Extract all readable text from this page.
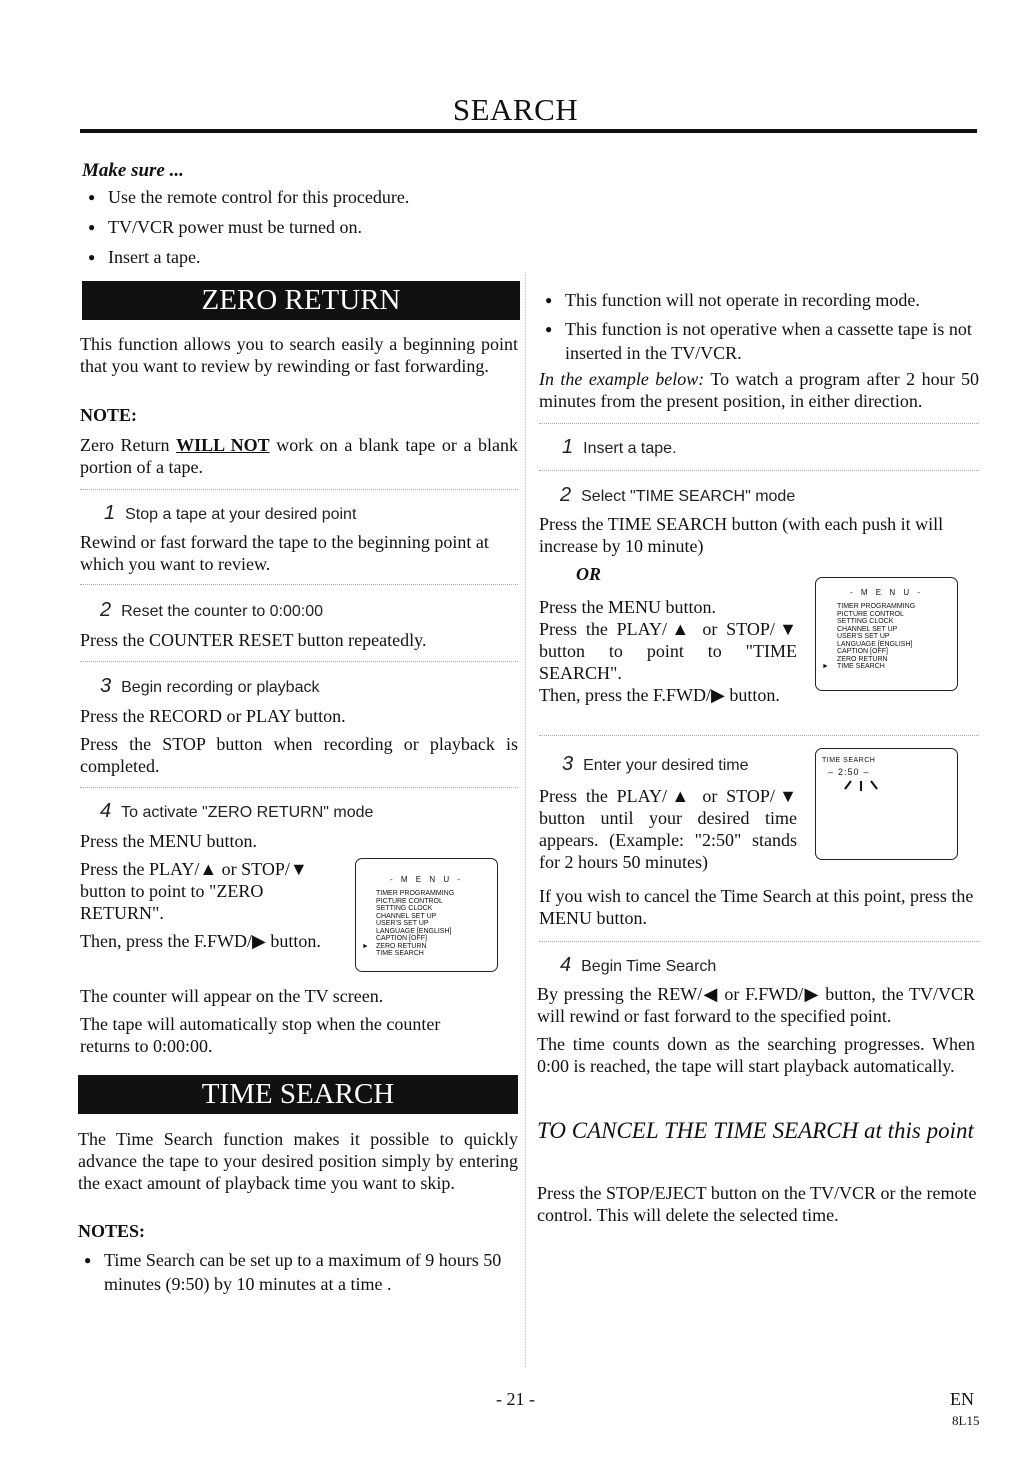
SEARCH
Make sure ...
● Use the remote control for this procedure.
● TV/VCR power must be turned on.
● Insert a tape.
ZERO RETURN
This function allows you to search easily a beginning point that you want to review by rewinding or fast forwarding.
NOTE:
Zero Return WILL NOT work on a blank tape or a blank portion of a tape.
1 Stop a tape at your desired point
Rewind or fast forward the tape to the beginning point at which you want to review.
2 Reset the counter to 0:00:00
Press the COUNTER RESET button repeatedly.
3 Begin recording or playback
Press the RECORD or PLAY button.
Press the STOP button when recording or playback is completed.
4 To activate "ZERO RETURN" mode
Press the MENU button.
Press the PLAY/▲ or STOP/▼ button to point to "ZERO RETURN".
Then, press the F.FWD/▶ button.
- M E N U -
TIMER PROGRAMMING
PICTURE CONTROL
SETTING CLOCK
CHANNEL SET UP
USER'S SET UP
LANGUAGE [ENGLISH]
CAPTION [OFF]
► ZERO RETURN
TIME SEARCH
The counter will appear on the TV screen.
The tape will automatically stop when the counter returns to 0:00:00.
TIME SEARCH
The Time Search function makes it possible to quickly advance the tape to your desired position simply by entering the exact amount of playback time you want to skip.
NOTES:
● Time Search can be set up to a maximum of 9 hours 50 minutes (9:50) by 10 minutes at a time .
● This function will not operate in recording mode.
● This function is not operative when a cassette tape is not inserted in the TV/VCR.
In the example below: To watch a program after 2 hour 50 minutes from the present position, in either direction.
1 Insert a tape.
2 Select "TIME SEARCH" mode
Press the TIME SEARCH button (with each push it will increase by 10 minute)
OR
Press the MENU button.
Press the PLAY/▲ or STOP/▼ button to point to "TIME SEARCH".
Then, press the F.FWD/▶ button.
- M E N U -
TIMER PROGRAMMING
PICTURE CONTROL
SETTING CLOCK
CHANNEL SET UP
USER'S SET UP
LANGUAGE [ENGLISH]
CAPTION [OFF]
ZERO RETURN
► TIME SEARCH
3 Enter your desired time
Press the PLAY/▲ or STOP/▼ button until your desired time appears. (Example: "2:50" stands for 2 hours 50 minutes)
TIME SEARCH
– 2:50 –
If you wish to cancel the Time Search at this point, press the MENU button.
4 Begin Time Search
By pressing the REW/◀ or F.FWD/▶ button, the TV/VCR will rewind or fast forward to the specified point.
The time counts down as the searching progresses. When 0:00 is reached, the tape will start playback automatically.
TO CANCEL THE TIME SEARCH at this point
Press the STOP/EJECT button on the TV/VCR or the remote control. This will delete the selected time.
- 21 -	EN
8L15
